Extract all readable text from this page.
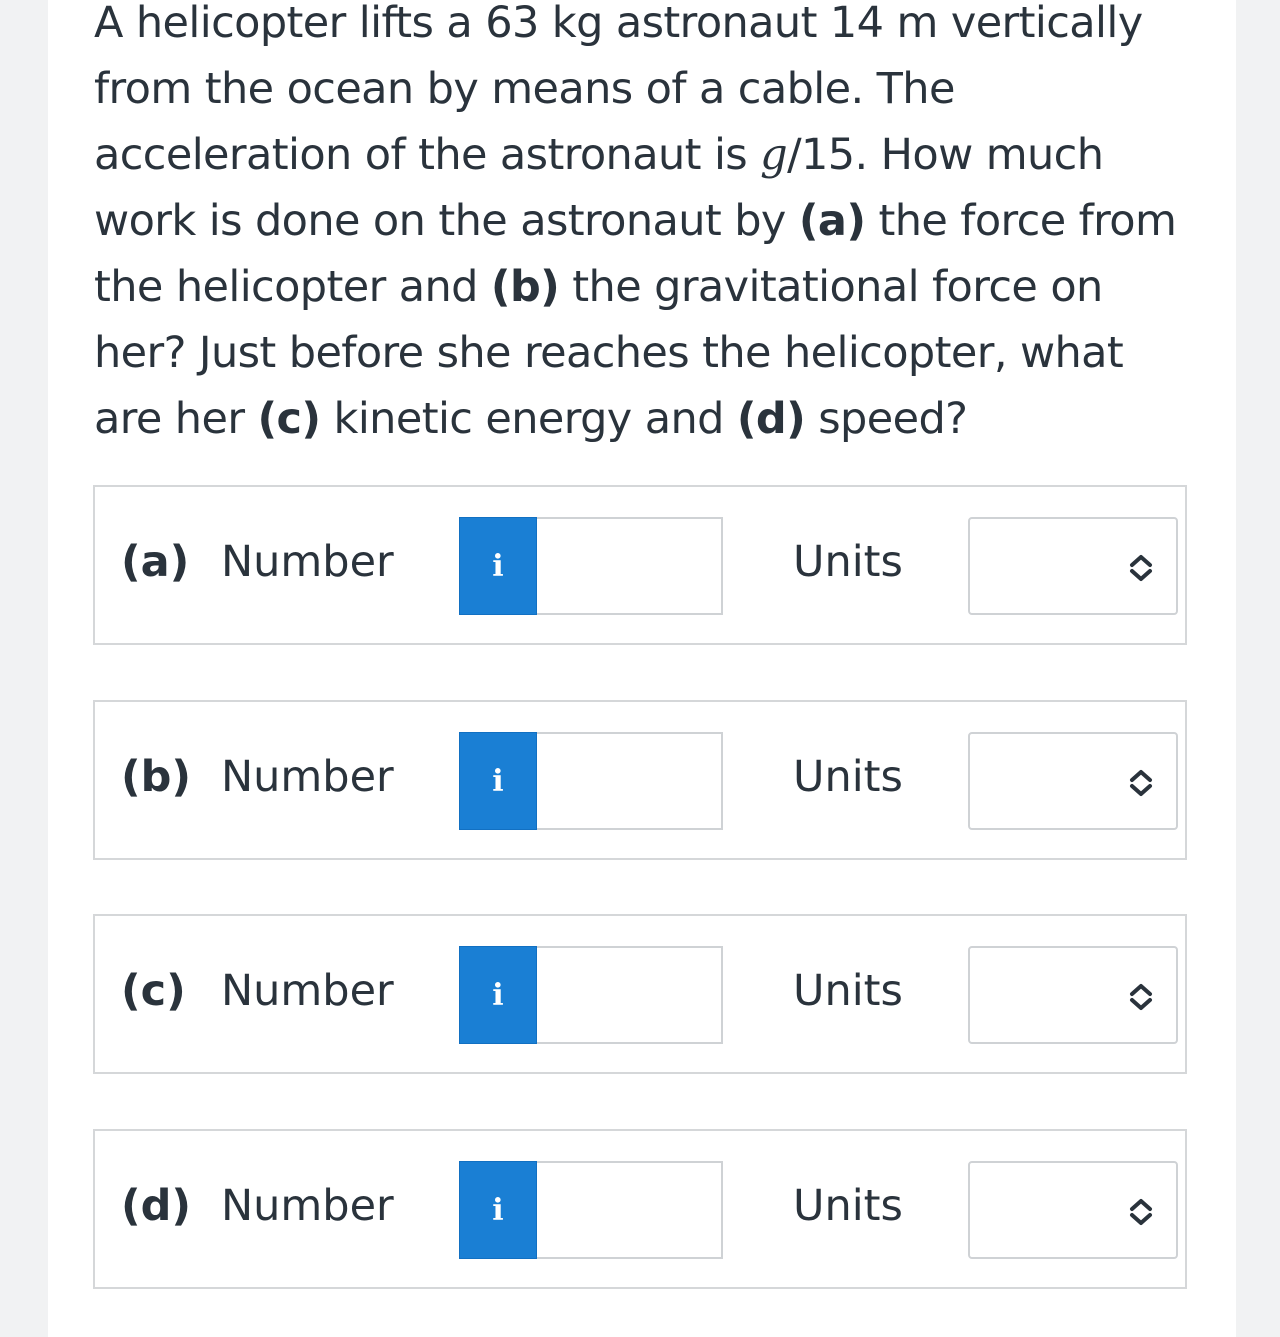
A helicopter lifts a 63 kg astronaut 14 m vertically from the ocean by means of a cable. The acceleration of the astronaut is g/15. How much work is done on the astronaut by (a) the force from the helicopter and (b) the gravitational force on her? Just before she reaches the helicopter, what are her (c) kinetic energy and (d) speed?

(a) Number	i	Units
(b) Number	i	Units
(c) Number	i	Units
(d) Number	i	Units
